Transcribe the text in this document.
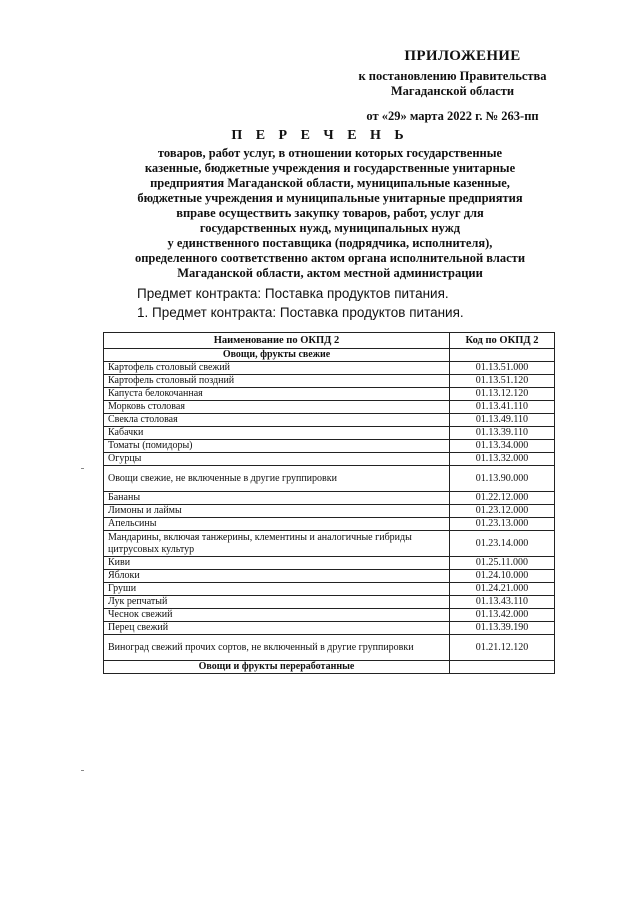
ПРИЛОЖЕНИЕ
к постановлению Правительства
Магаданской области
от «29» марта 2022 г. № 263-пп
П Е Р Е Ч Е Н Ь
товаров, работ услуг, в отношении которых государственные
казенные, бюджетные учреждения и государственные унитарные
предприятия Магаданской области, муниципальные казенные,
бюджетные учреждения и муниципальные унитарные предприятия
вправе осуществить закупку товаров, работ, услуг для
государственных нужд, муниципальных нужд
у единственного поставщика (подрядчика, исполнителя),
определенного соответственно актом органа исполнительной власти
Магаданской области, актом местной администрации
Предмет контракта: Поставка продуктов питания.
1. Предмет контракта: Поставка продуктов питания.
Наименование по ОКПД 2	Код по ОКПД 2
Овощи, фрукты свежие	
Картофель столовый свежий	01.13.51.000
Картофель столовый поздний	01.13.51.120
Капуста белокочанная	01.13.12.120
Морковь столовая	01.13.41.110
Свекла столовая	01.13.49.110
Кабачки	01.13.39.110
Томаты (помидоры)	01.13.34.000
Огурцы	01.13.32.000
Овощи свежие, не включенные в другие группировки	01.13.90.000
Бананы	01.22.12.000
Лимоны и лаймы	01.23.12.000
Апельсины	01.23.13.000
Мандарины, включая танжерины, клементины и аналогичные гибриды цитрусовых культур	01.23.14.000
Киви	01.25.11.000
Яблоки	01.24.10.000
Груши	01.24.21.000
Лук репчатый	01.13.43.110
Чеснок свежий	01.13.42.000
Перец свежий	01.13.39.190
Виноград свежий прочих сортов, не включенный в другие группировки	01.21.12.120
Овощи и фрукты переработанные	
